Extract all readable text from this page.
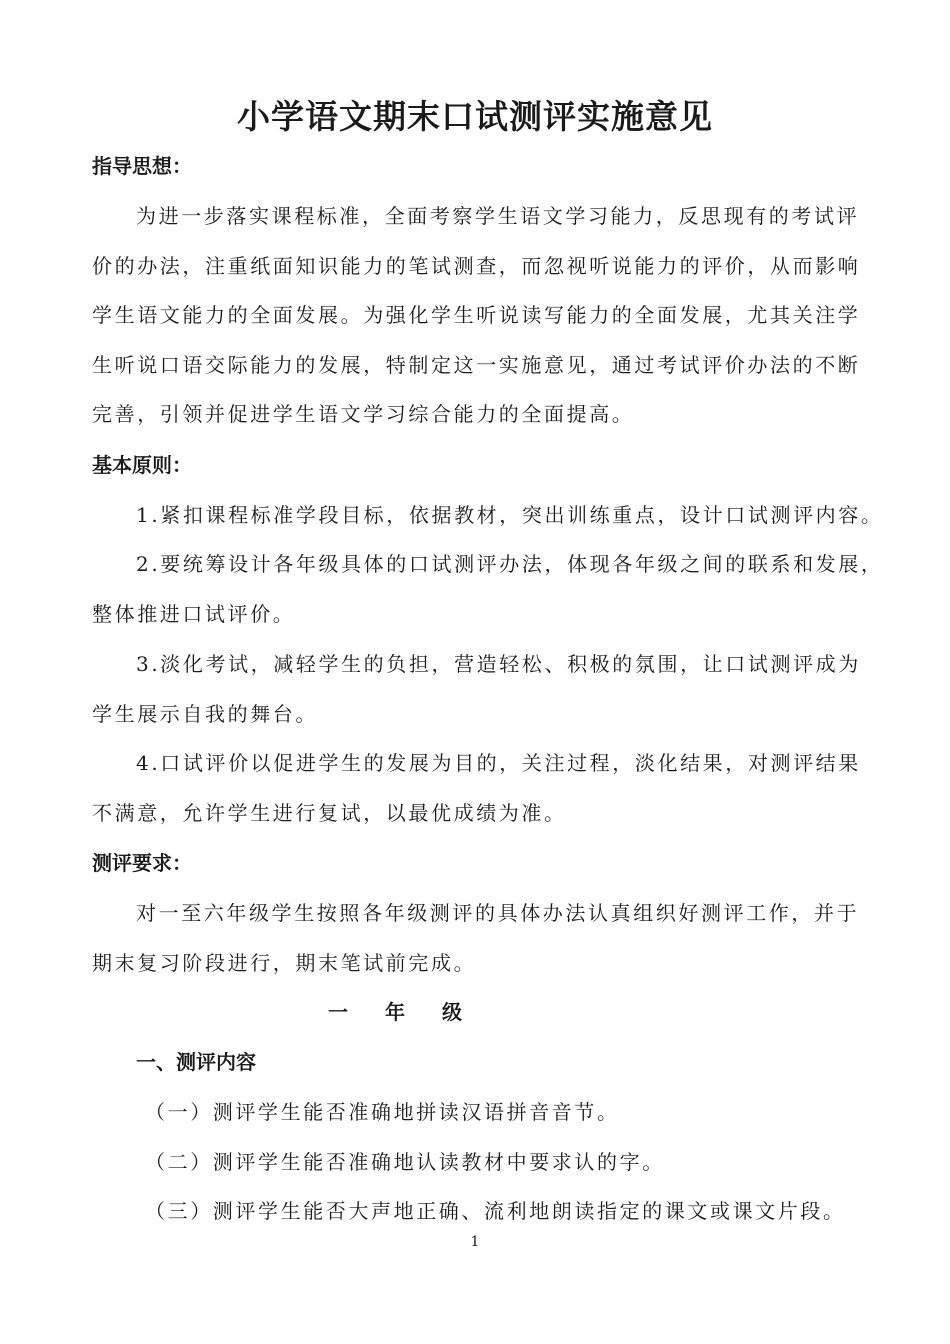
小学语文期末口试测评实施意见
指导思想：
为进一步落实课程标准，全面考察学生语文学习能力，反思现有的考试评
价的办法，注重纸面知识能力的笔试测查，而忽视听说能力的评价，从而影响
学生语文能力的全面发展。为强化学生听说读写能力的全面发展，尤其关注学
生听说口语交际能力的发展，特制定这一实施意见，通过考试评价办法的不断
完善，引领并促进学生语文学习综合能力的全面提高。
基本原则：
1.紧扣课程标准学段目标，依据教材，突出训练重点，设计口试测评内容。
2.要统筹设计各年级具体的口试测评办法，体现各年级之间的联系和发展，
整体推进口试评价。
3.淡化考试，减轻学生的负担，营造轻松、积极的氛围，让口试测评成为
学生展示自我的舞台。
4.口试评价以促进学生的发展为目的，关注过程，淡化结果，对测评结果
不满意，允许学生进行复试，以最优成绩为准。
测评要求：
对一至六年级学生按照各年级测评的具体办法认真组织好测评工作，并于
期末复习阶段进行，期末笔试前完成。
一 年 级
一、测评内容
（一）测评学生能否准确地拼读汉语拼音音节。
（二）测评学生能否准确地认读教材中要求认的字。
（三）测评学生能否大声地正确、流利地朗读指定的课文或课文片段。
1
